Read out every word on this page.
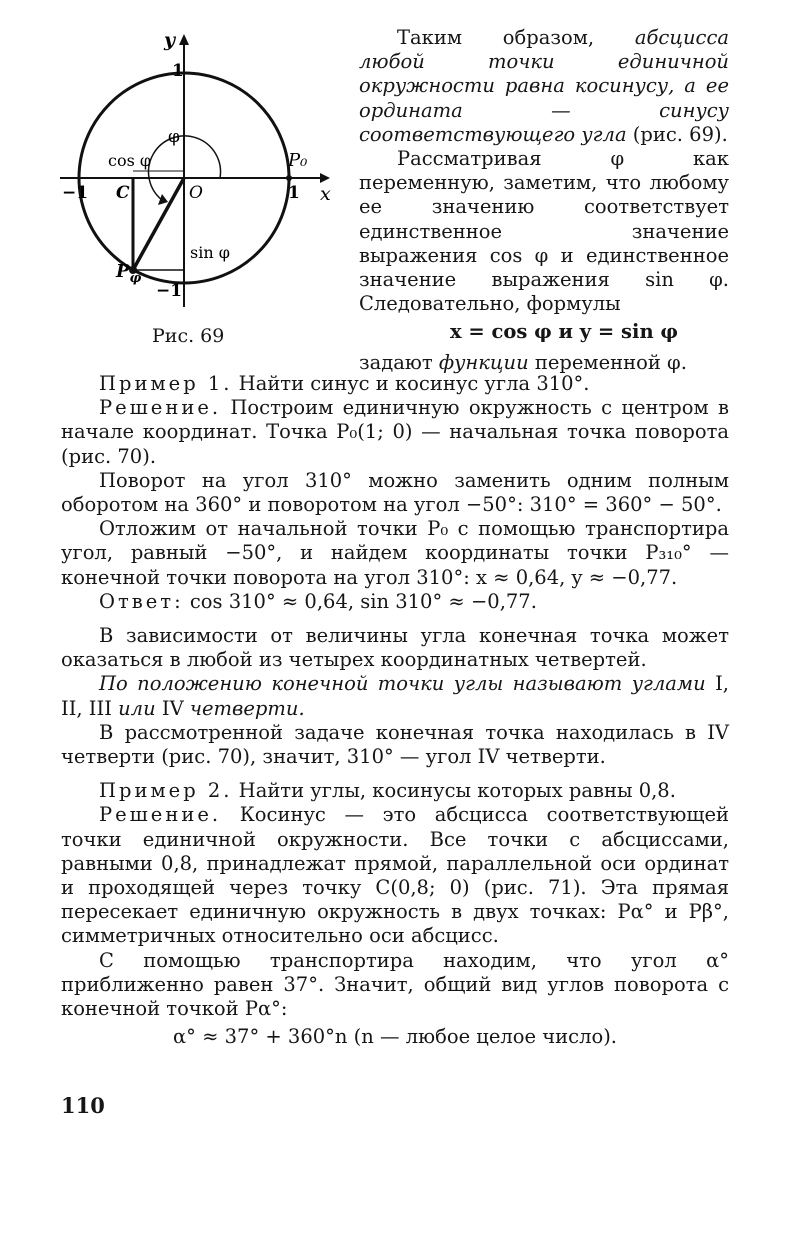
y
1
−1
−1	1 x
O
C
P₀
φ
cos φ
sin φ
$P_\varphi$
Рис. 69

Таким образом, абсцисса любой точки единичной окружности равна косинусу, а ее ордината — синусу соответствующего угла (рис. 69).

Рассматривая φ как переменную, заметим, что любому ее значению соответствует единственное значение выражения cos φ и единственное значение выражения sin φ. Следовательно, формулы

x = cos φ и y = sin φ

задают функции переменной φ.

Пример 1. Найти синус и косинус угла 310°.

Решение. Построим единичную окружность с центром в начале координат. Точка P₀(1; 0) — начальная точка поворота (рис. 70).

Поворот на угол 310° можно заменить одним полным оборотом на 360° и поворотом на угол −50°: 310° = 360° − 50°.

Отложим от начальной точки P₀ с помощью транспортира угол, равный −50°, и найдем координаты точки P₃₁₀° — конечной точки поворота на угол 310°: x ≈ 0,64, y ≈ −0,77.

Ответ: cos 310° ≈ 0,64, sin 310° ≈ −0,77.

В зависимости от величины угла конечная точка может оказаться в любой из четырех координатных четвертей.

По положению конечной точки углы называют углами I, II, III или IV четверти.

В рассмотренной задаче конечная точка находилась в IV четверти (рис. 70), значит, 310° — угол IV четверти.

Пример 2. Найти углы, косинусы которых равны 0,8.

Решение. Косинус — это абсцисса соответствующей точки единичной окружности. Все точки с абсциссами, равными 0,8, принадлежат прямой, параллельной оси ординат и проходящей через точку C(0,8; 0) (рис. 71). Эта прямая пересекает единичную окружность в двух точках: Pα° и Pβ°, симметричных относительно оси абсцисс.

С помощью транспортира находим, что угол α° приближенно равен 37°. Значит, общий вид углов поворота с конечной точкой Pα°:

α° ≈ 37° + 360°n (n — любое целое число).

110
